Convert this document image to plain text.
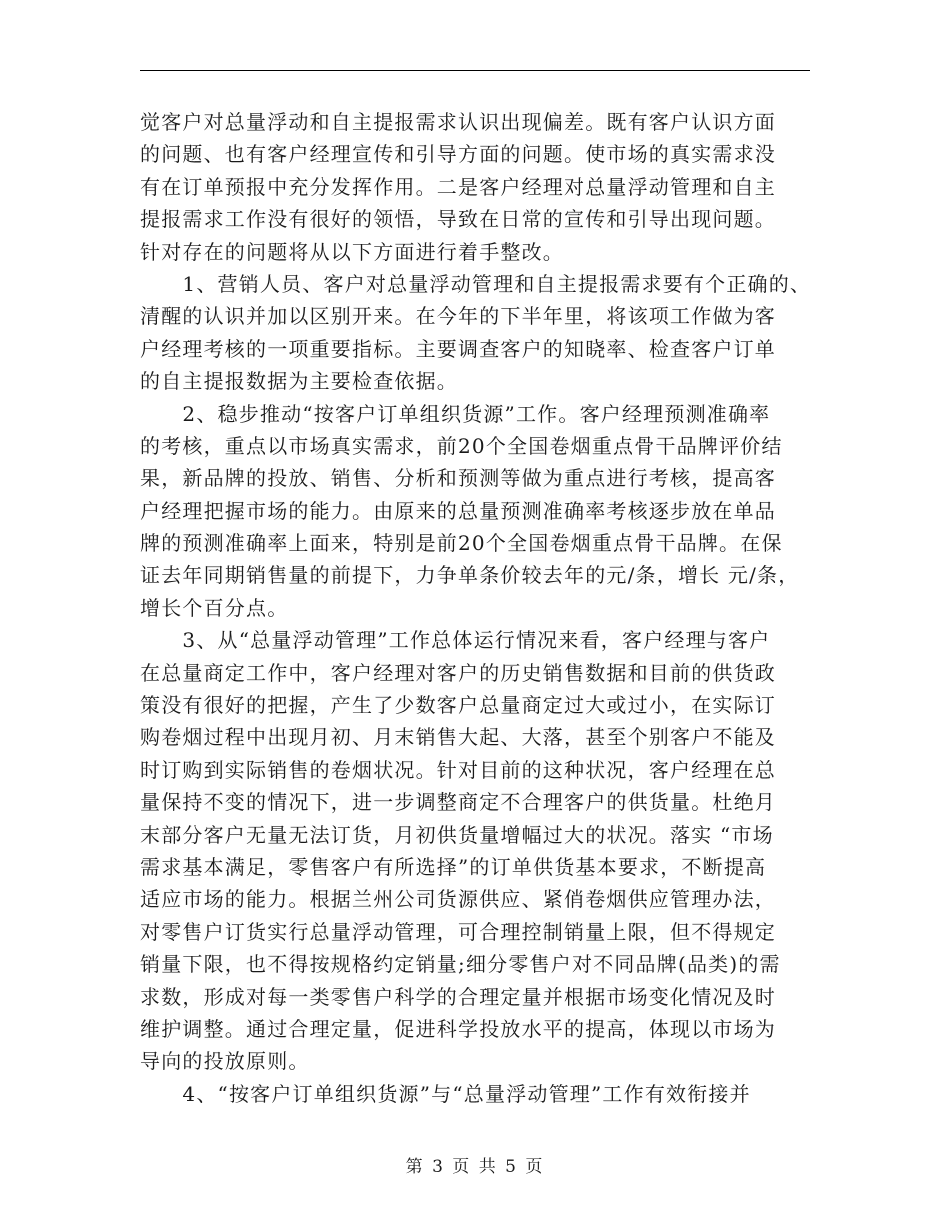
觉客户对总量浮动和自主提报需求认识出现偏差。既有客户认识方面
的问题、也有客户经理宣传和引导方面的问题。使市场的真实需求没
有在订单预报中充分发挥作用。二是客户经理对总量浮动管理和自主
提报需求工作没有很好的领悟，导致在日常的宣传和引导出现问题。
针对存在的问题将从以下方面进行着手整改。
　　1、营销人员、客户对总量浮动管理和自主提报需求要有个正确的、
清醒的认识并加以区别开来。在今年的下半年里，将该项工作做为客
户经理考核的一项重要指标。主要调查客户的知晓率、检查客户订单
的自主提报数据为主要检查依据。
　　2、稳步推动“按客户订单组织货源”工作。客户经理预测准确率
的考核，重点以市场真实需求，前20个全国卷烟重点骨干品牌评价结
果，新品牌的投放、销售、分析和预测等做为重点进行考核，提高客
户经理把握市场的能力。由原来的总量预测准确率考核逐步放在单品
牌的预测准确率上面来，特别是前20个全国卷烟重点骨干品牌。在保
证去年同期销售量的前提下，力争单条价较去年的元/条，增长 元/条，
增长个百分点。
　　3、从“总量浮动管理”工作总体运行情况来看，客户经理与客户
在总量商定工作中，客户经理对客户的历史销售数据和目前的供货政
策没有很好的把握，产生了少数客户总量商定过大或过小，在实际订
购卷烟过程中出现月初、月末销售大起、大落，甚至个别客户不能及
时订购到实际销售的卷烟状况。针对目前的这种状况，客户经理在总
量保持不变的情况下，进一步调整商定不合理客户的供货量。杜绝月
末部分客户无量无法订货，月初供货量增幅过大的状况。落实 “市场
需求基本满足，零售客户有所选择”的订单供货基本要求，不断提高
适应市场的能力。根据兰州公司货源供应、紧俏卷烟供应管理办法，
对零售户订货实行总量浮动管理，可合理控制销量上限，但不得规定
销量下限，也不得按规格约定销量;细分零售户对不同品牌(品类)的需
求数，形成对每一类零售户科学的合理定量并根据市场变化情况及时
维护调整。通过合理定量，促进科学投放水平的提高，体现以市场为
导向的投放原则。
　　4、“按客户订单组织货源”与“总量浮动管理”工作有效衔接并
第 3 页 共 5 页
